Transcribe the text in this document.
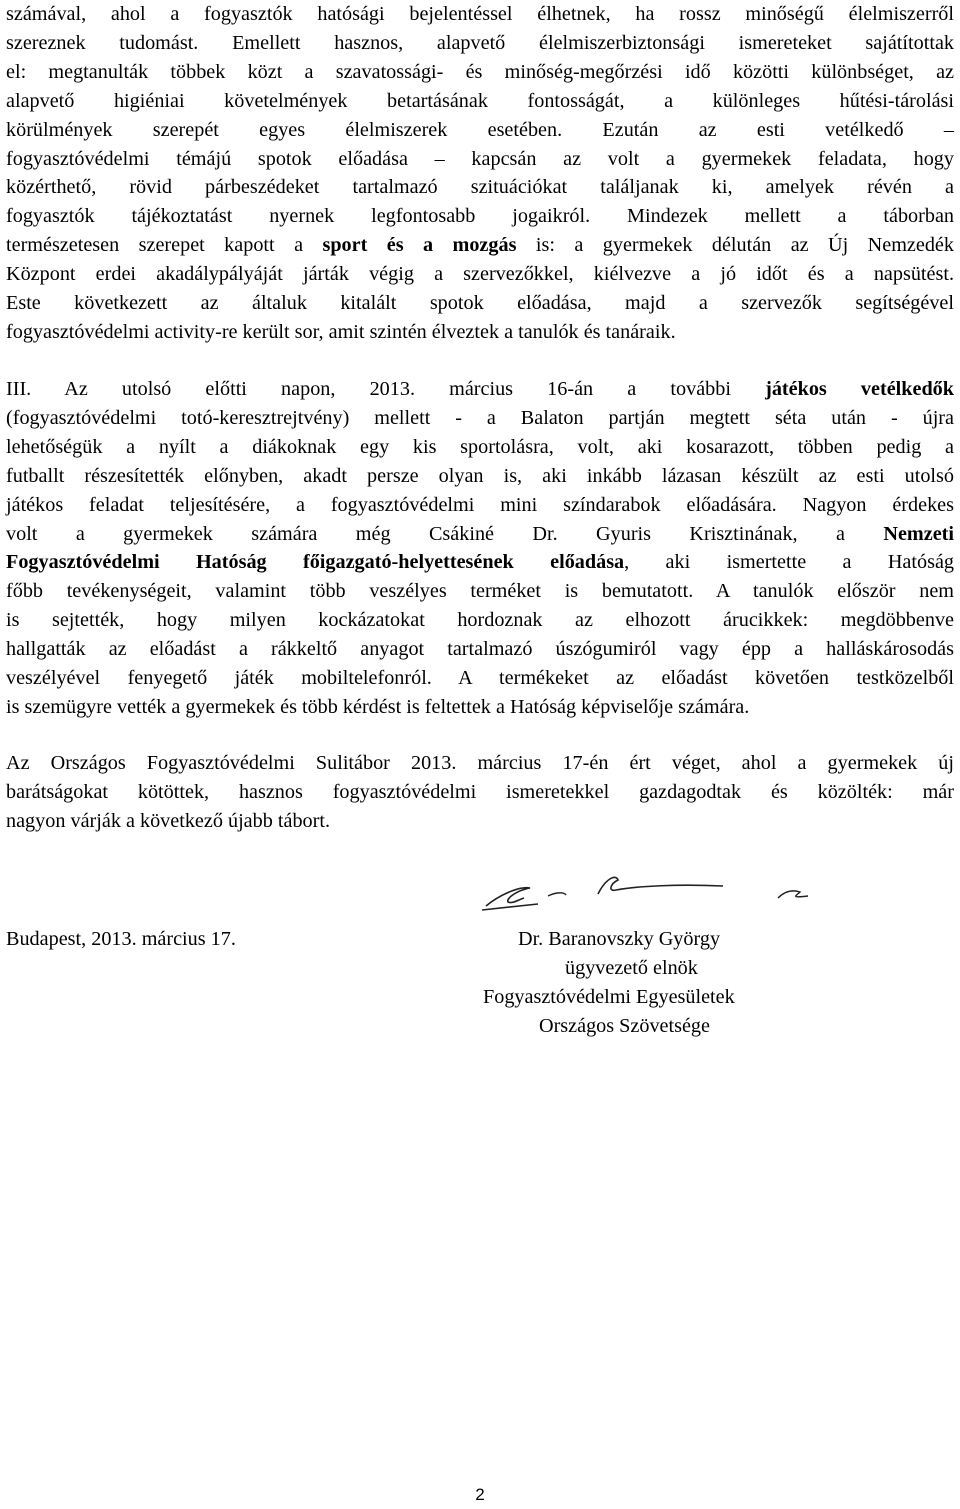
számával, ahol a fogyasztók hatósági bejelentéssel élhetnek, ha rossz minőségű élelmiszerről
szereznek tudomást. Emellett hasznos, alapvető élelmiszerbiztonsági ismereteket sajátítottak
el: megtanulták többek közt a szavatossági- és minőség-megőrzési idő közötti különbséget, az
alapvető higiéniai követelmények betartásának fontosságát, a különleges hűtési-tárolási
körülmények szerepét egyes élelmiszerek esetében. Ezután az esti vetélkedő –
fogyasztóvédelmi témájú spotok előadása – kapcsán az volt a gyermekek feladata, hogy
közérthető, rövid párbeszédeket tartalmazó szituációkat találjanak ki, amelyek révén a
fogyasztók tájékoztatást nyernek legfontosabb jogaikról. Mindezek mellett a táborban
természetesen szerepet kapott a sport és a mozgás is: a gyermekek délután az Új Nemzedék
Központ erdei akadálypályáját járták végig a szervezőkkel, kiélvezve a jó időt és a napsütést.
Este következett az általuk kitalált spotok előadása, majd a szervezők segítségével
fogyasztóvédelmi activity-re került sor, amit szintén élveztek a tanulók és tanáraik.
III. Az utolsó előtti napon, 2013. március 16-án a további játékos vetélkedők
(fogyasztóvédelmi totó-keresztrejtvény) mellett - a Balaton partján megtett séta után - újra
lehetőségük a nyílt a diákoknak egy kis sportolásra, volt, aki kosarazott, többen pedig a
futballt részesítették előnyben, akadt persze olyan is, aki inkább lázasan készült az esti utolsó
játékos feladat teljesítésére, a fogyasztóvédelmi mini színdarabok előadására. Nagyon érdekes
volt a gyermekek számára még Csákiné Dr. Gyuris Krisztinának, a Nemzeti
Fogyasztóvédelmi Hatóság főigazgató-helyettesének előadása, aki ismertette a Hatóság
főbb tevékenységeit, valamint több veszélyes terméket is bemutatott. A tanulók először nem
is sejtették, hogy milyen kockázatokat hordoznak az elhozott árucikkek: megdöbbenve
hallgatták az előadást a rákkeltő anyagot tartalmazó úszógumiról vagy épp a halláskárosodás
veszélyével fenyegető játék mobiltelefonról. A termékeket az előadást követően testközelből
is szemügyre vették a gyermekek és több kérdést is feltettek a Hatóság képviselője számára.
Az Országos Fogyasztóvédelmi Sulitábor 2013. március 17-én ért véget, ahol a gyermekek új
barátságokat kötöttek, hasznos fogyasztóvédelmi ismeretekkel gazdagodtak és közölték: már
nagyon várják a következő újabb tábort.
Budapest, 2013. március 17.	Dr. Baranovszky György
ügyvezető elnök
Fogyasztóvédelmi Egyesületek
Országos Szövetsége
2
